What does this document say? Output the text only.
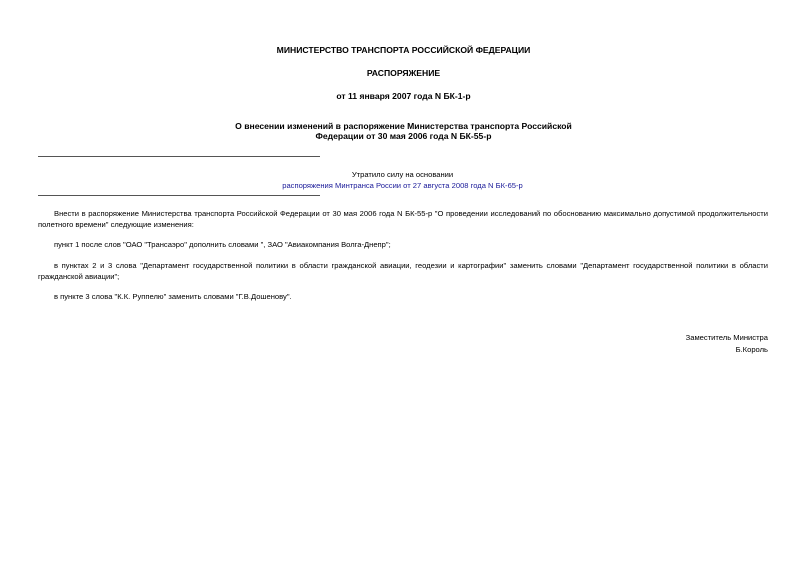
МИНИСТЕРСТВО ТРАНСПОРТА РОССИЙСКОЙ ФЕДЕРАЦИИ
РАСПОРЯЖЕНИЕ
от 11 января 2007 года N БК-1-р
О внесении изменений в распоряжение Министерства транспорта Российской
Федерации от 30 мая 2006 года N БК-55-р
Утратило силу на основании
распоряжения Минтранса России от 27 августа 2008 года N БК-65-р
Внести в распоряжение Министерства транспорта Российской Федерации от 30 мая 2006 года N БК-55-р "О проведении исследований по обоснованию максимально допустимой продолжительности полетного времени" следующие изменения:
пункт 1 после слов "ОАО "Трансаэро" дополнить словами ", ЗАО "Авиакомпания Волга-Днепр";
в пунктах 2 и 3 слова "Департамент государственной политики в области гражданской авиации, геодезии и картографии" заменить словами "Департамент государственной политики в области гражданской авиации";
в пункте 3 слова "К.К. Руппелю" заменить словами "Г.В.Дошенову".
Заместитель Министра
Б.Король
